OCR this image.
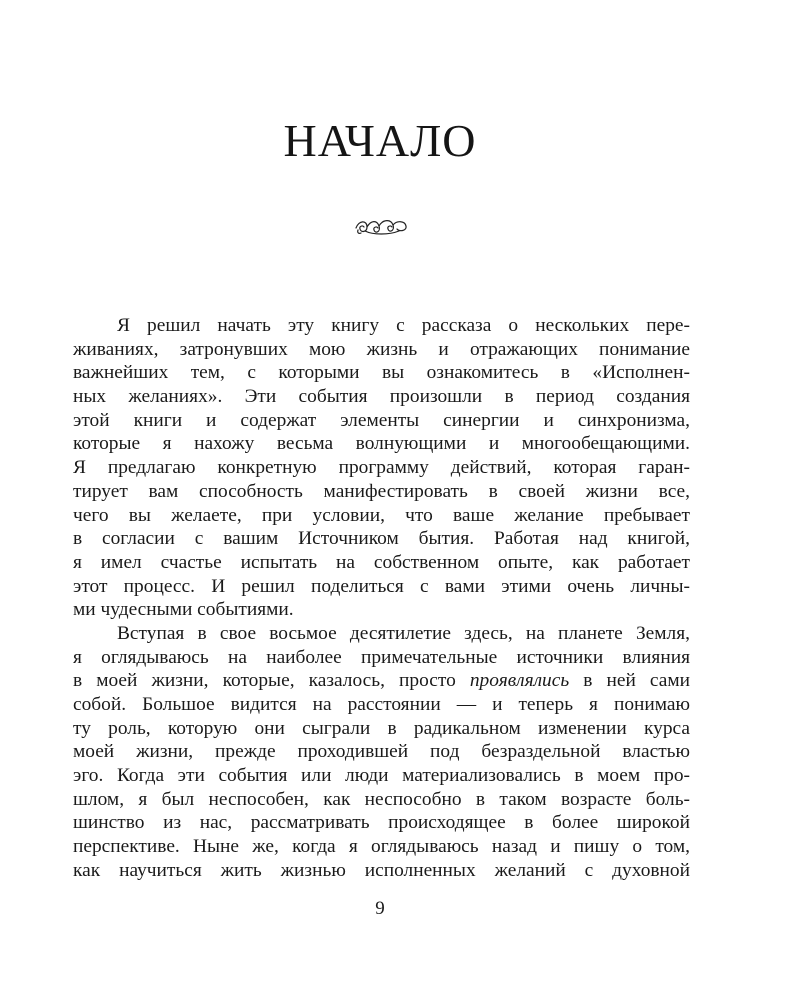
НАЧАЛО
Я решил начать эту книгу с рассказа о нескольких пере-
живаниях, затронувших мою жизнь и отражающих понимание
важнейших тем, с которыми вы ознакомитесь в «Исполнен-
ных желаниях». Эти события произошли в период создания
этой книги и содержат элементы синергии и синхронизма,
которые я нахожу весьма волнующими и многообещающими.
Я предлагаю конкретную программу действий, которая гаран-
тирует вам способность манифестировать в своей жизни все,
чего вы желаете, при условии, что ваше желание пребывает
в согласии с вашим Источником бытия. Работая над книгой,
я имел счастье испытать на собственном опыте, как работает
этот процесс. И решил поделиться с вами этими очень личны-
ми чудесными событиями.
Вступая в свое восьмое десятилетие здесь, на планете Земля,
я оглядываюсь на наиболее примечательные источники влияния
в моей жизни, которые, казалось, просто проявлялись в ней сами
собой. Большое видится на расстоянии — и теперь я понимаю
ту роль, которую они сыграли в радикальном изменении курса
моей жизни, прежде проходившей под безраздельной властью
эго. Когда эти события или люди материализовались в моем про-
шлом, я был неспособен, как неспособно в таком возрасте боль-
шинство из нас, рассматривать происходящее в более широкой
перспективе. Ныне же, когда я оглядываюсь назад и пишу о том,
как научиться жить жизнью исполненных желаний с духовной
9
